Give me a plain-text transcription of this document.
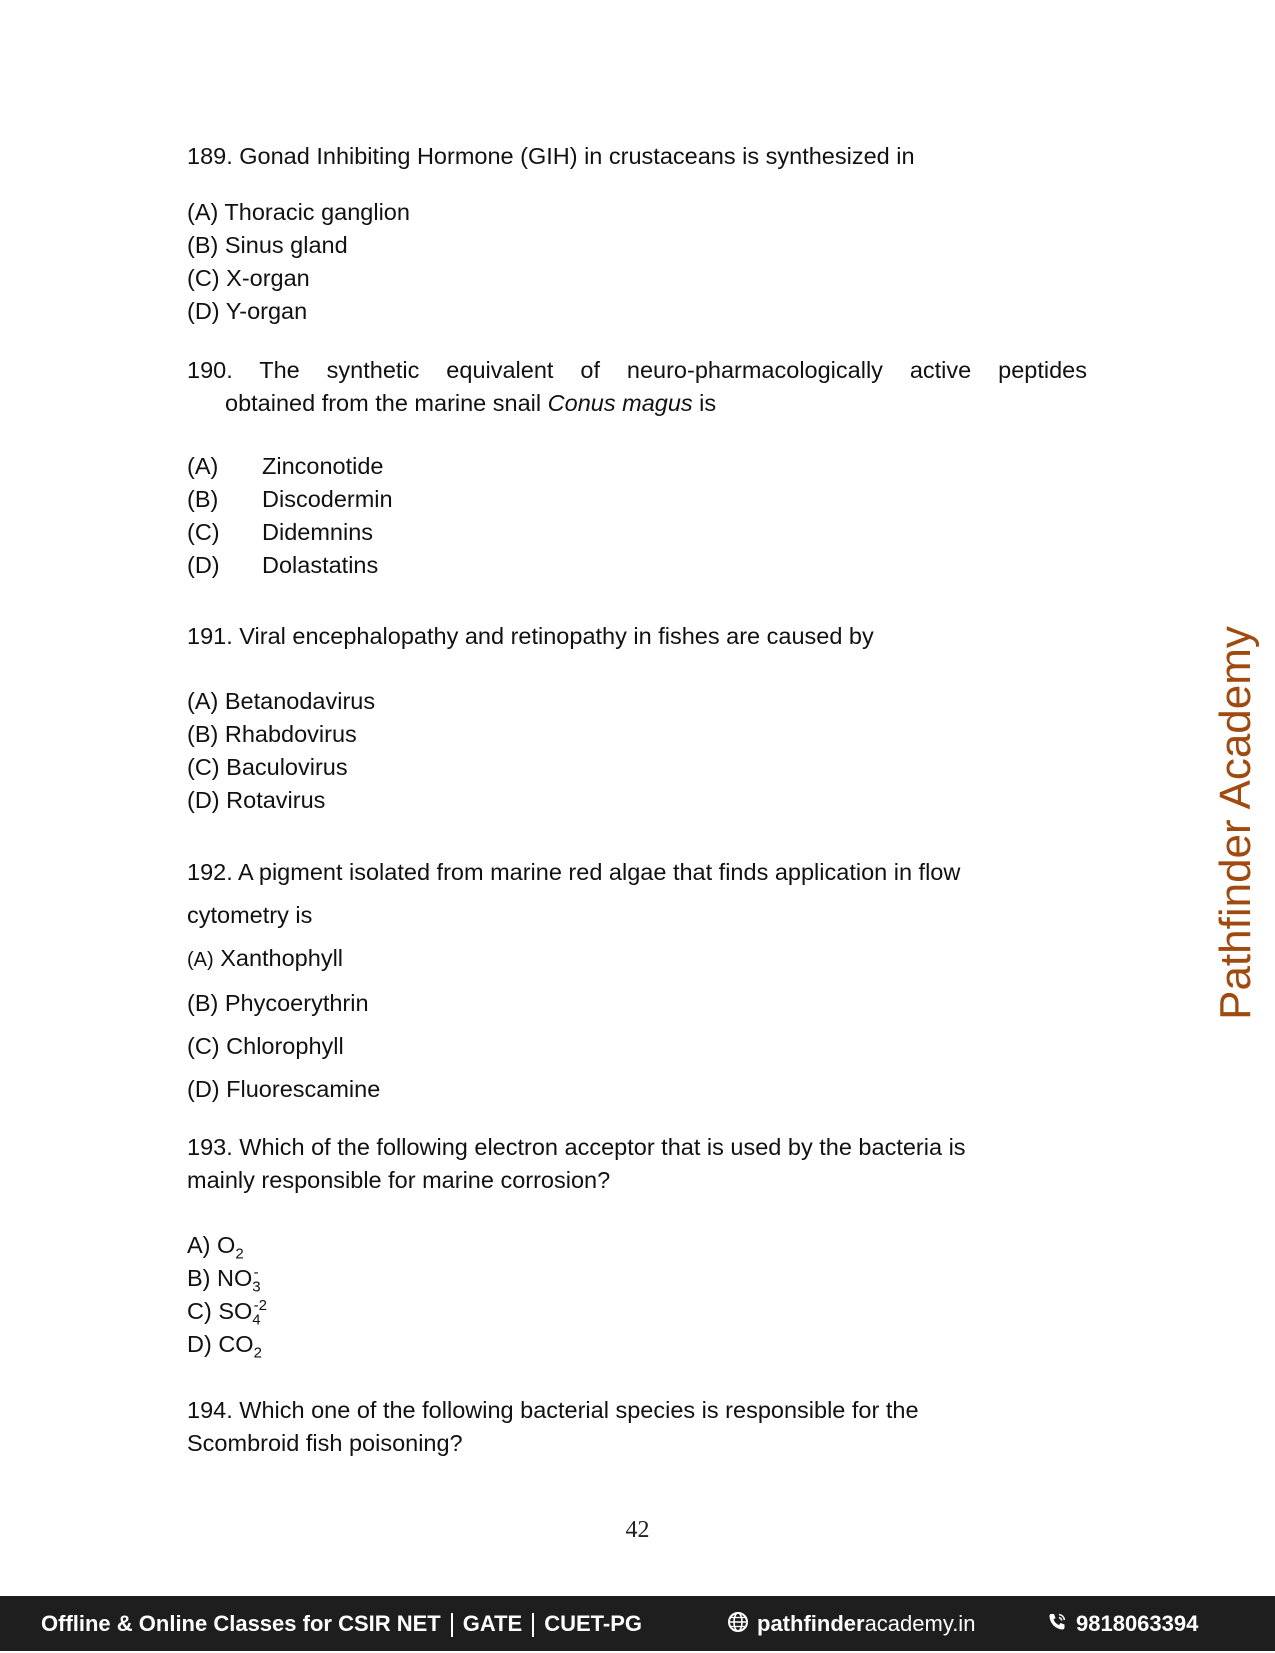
189. Gonad Inhibiting Hormone (GIH) in crustaceans is synthesized in

(A) Thoracic ganglion
(B) Sinus gland
(C) X-organ
(D) Y-organ

190. The synthetic equivalent of neuro-pharmacologically active peptides

obtained from the marine snail Conus magus is

(A) Zinconotide
(B) Discodermin
(C) Didemnins
(D) Dolastatins

191. Viral encephalopathy and retinopathy in fishes are caused by

(A) Betanodavirus
(B) Rhabdovirus
(C) Baculovirus
(D) Rotavirus

192. A pigment isolated from marine red algae that finds application in flow

cytometry is

(A) Xanthophyll
(B) Phycoerythrin
(C) Chlorophyll
(D) Fluorescamine

193. Which of the following electron acceptor that is used by the bacteria is

mainly responsible for marine corrosion?

A) $O_2$
B) $NO_3^-$
C) $SO_4^{-2}$
D) $CO_2$

194. Which one of the following bacterial species is responsible for the

Scombroid fish poisoning?

Pathfinder Academy
42
Offline & Online Classes for CSIR NET GATE CUET-PG	pathfinderacademy.in	9818063394
